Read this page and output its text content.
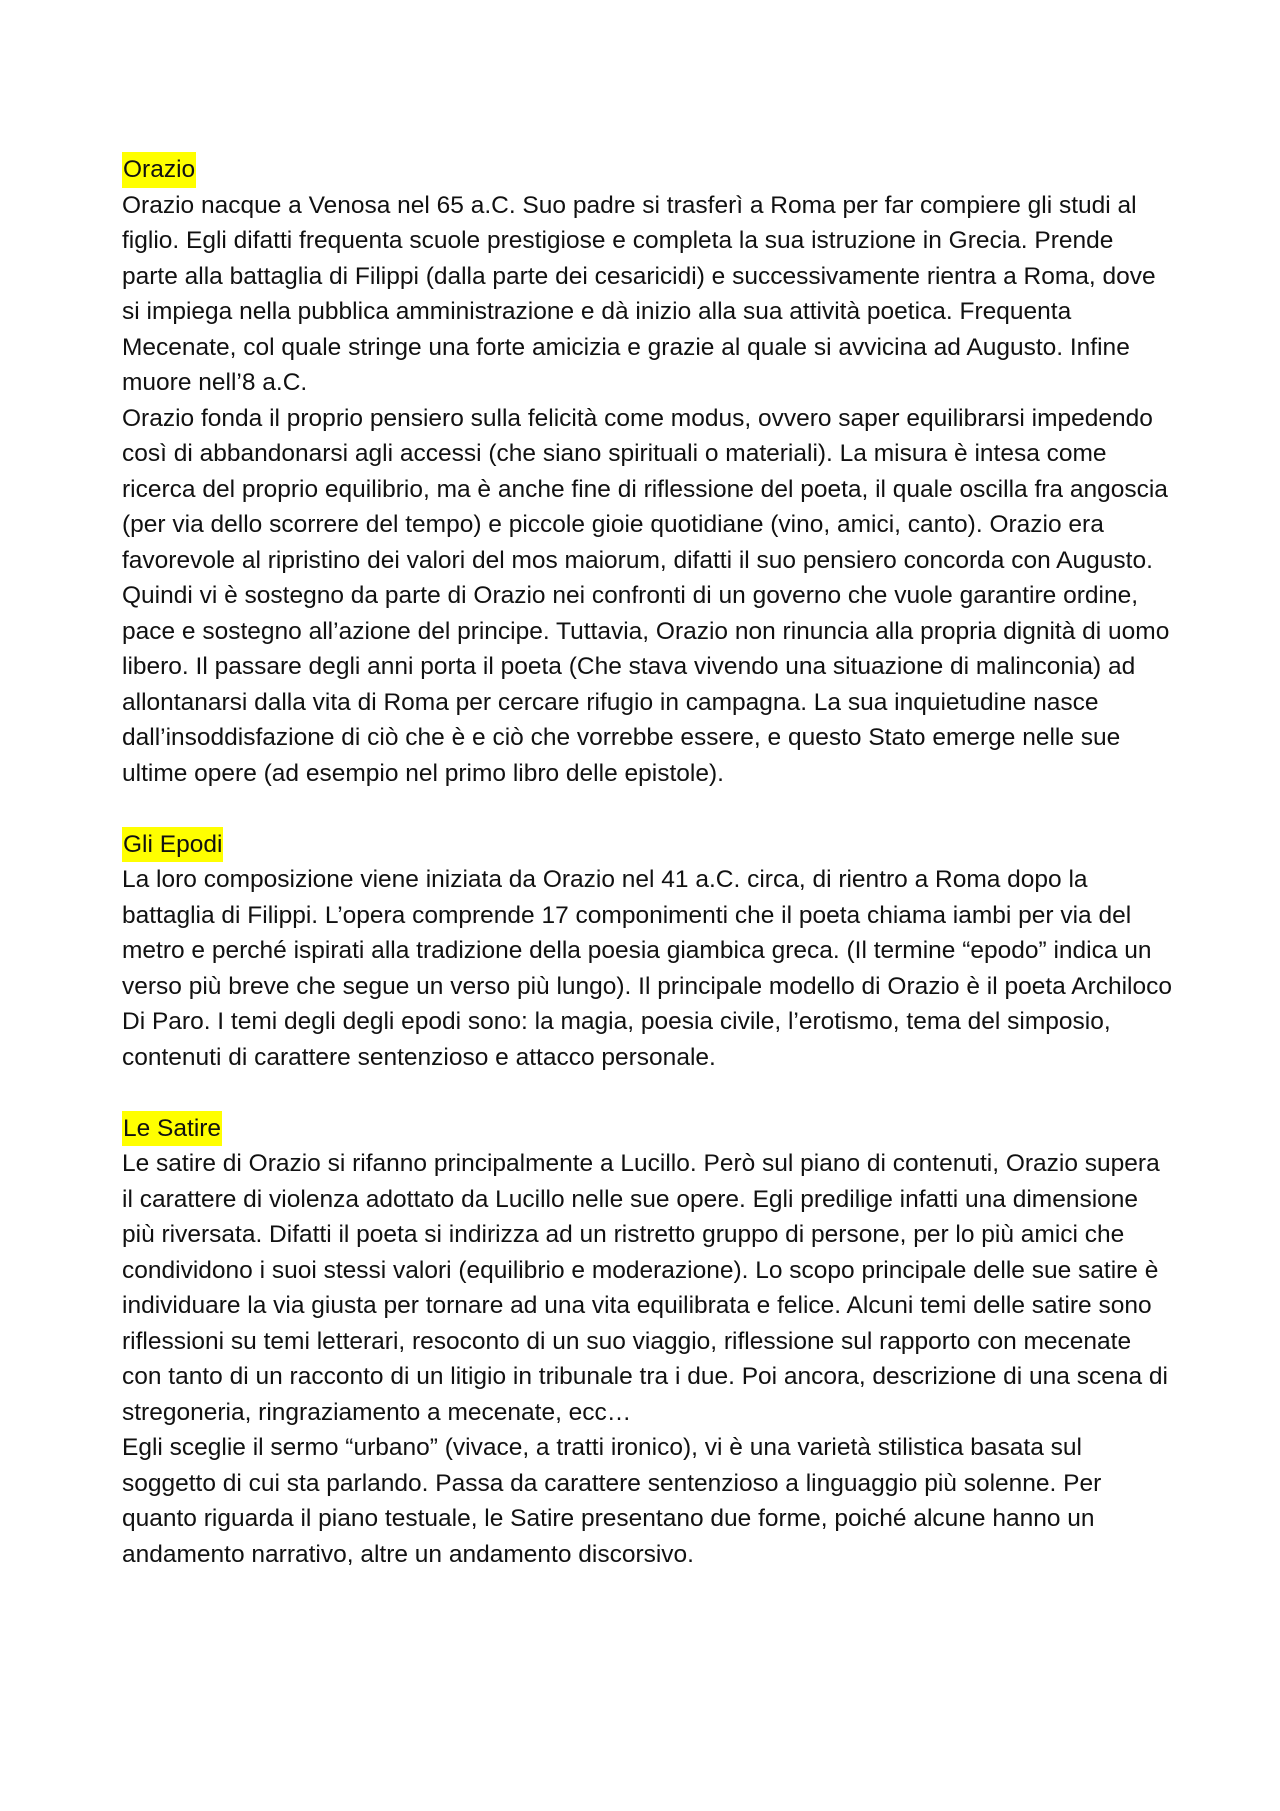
Orazio

Orazio nacque a Venosa nel 65 a.C. Suo padre si trasferì a Roma per far compiere gli studi al figlio. Egli difatti frequenta scuole prestigiose e completa la sua istruzione in Grecia. Prende parte alla battaglia di Filippi (dalla parte dei cesaricidi) e successivamente rientra a Roma, dove si impiega nella pubblica amministrazione e dà inizio alla sua attività poetica. Frequenta Mecenate, col quale stringe una forte amicizia e grazie al quale si avvicina ad Augusto. Infine muore nell’8 a.C.

Orazio fonda il proprio pensiero sulla felicità come modus, ovvero saper equilibrarsi impedendo così di abbandonarsi agli accessi (che siano spirituali o materiali). La misura è intesa come ricerca del proprio equilibrio, ma è anche fine di riflessione del poeta, il quale oscilla fra angoscia (per via dello scorrere del tempo) e piccole gioie quotidiane (vino, amici, canto). Orazio era favorevole al ripristino dei valori del mos maiorum, difatti il suo pensiero concorda con Augusto. Quindi vi è sostegno da parte di Orazio nei confronti di un governo che vuole garantire ordine, pace e sostegno all’azione del principe. Tuttavia, Orazio non rinuncia alla propria dignità di uomo libero. Il passare degli anni porta il poeta (Che stava vivendo una situazione di malinconia) ad allontanarsi dalla vita di Roma per cercare rifugio in campagna. La sua inquietudine nasce dall’insoddisfazione di ciò che è e ciò che vorrebbe essere, e questo Stato emerge nelle sue ultime opere (ad esempio nel primo libro delle epistole).

Gli Epodi

La loro composizione viene iniziata da Orazio nel 41 a.C. circa, di rientro a Roma dopo la battaglia di Filippi. L’opera comprende 17 componimenti che il poeta chiama iambi per via del metro e perché ispirati alla tradizione della poesia giambica greca. (Il termine “epodo” indica un verso più breve che segue un verso più lungo). Il principale modello di Orazio è il poeta Archiloco Di Paro. I temi degli degli epodi sono: la magia, poesia civile, l’erotismo, tema del simposio, contenuti di carattere sentenzioso e attacco personale.

Le Satire

Le satire di Orazio si rifanno principalmente a Lucillo. Però sul piano di contenuti, Orazio supera il carattere di violenza adottato da Lucillo nelle sue opere. Egli predilige infatti una dimensione più riversata. Difatti il poeta si indirizza ad un ristretto gruppo di persone, per lo più amici che condividono i suoi stessi valori (equilibrio e moderazione). Lo scopo principale delle sue satire è individuare la via giusta per tornare ad una vita equilibrata e felice. Alcuni temi delle satire sono riflessioni su temi letterari, resoconto di un suo viaggio, riflessione sul rapporto con mecenate con tanto di un racconto di un litigio in tribunale tra i due. Poi ancora, descrizione di una scena di stregoneria, ringraziamento a mecenate, ecc…

Egli sceglie il sermo “urbano” (vivace, a tratti ironico), vi è una varietà stilistica basata sul soggetto di cui sta parlando. Passa da carattere sentenzioso a linguaggio più solenne. Per quanto riguarda il piano testuale, le Satire presentano due forme, poiché alcune hanno un andamento narrativo, altre un andamento discorsivo.
